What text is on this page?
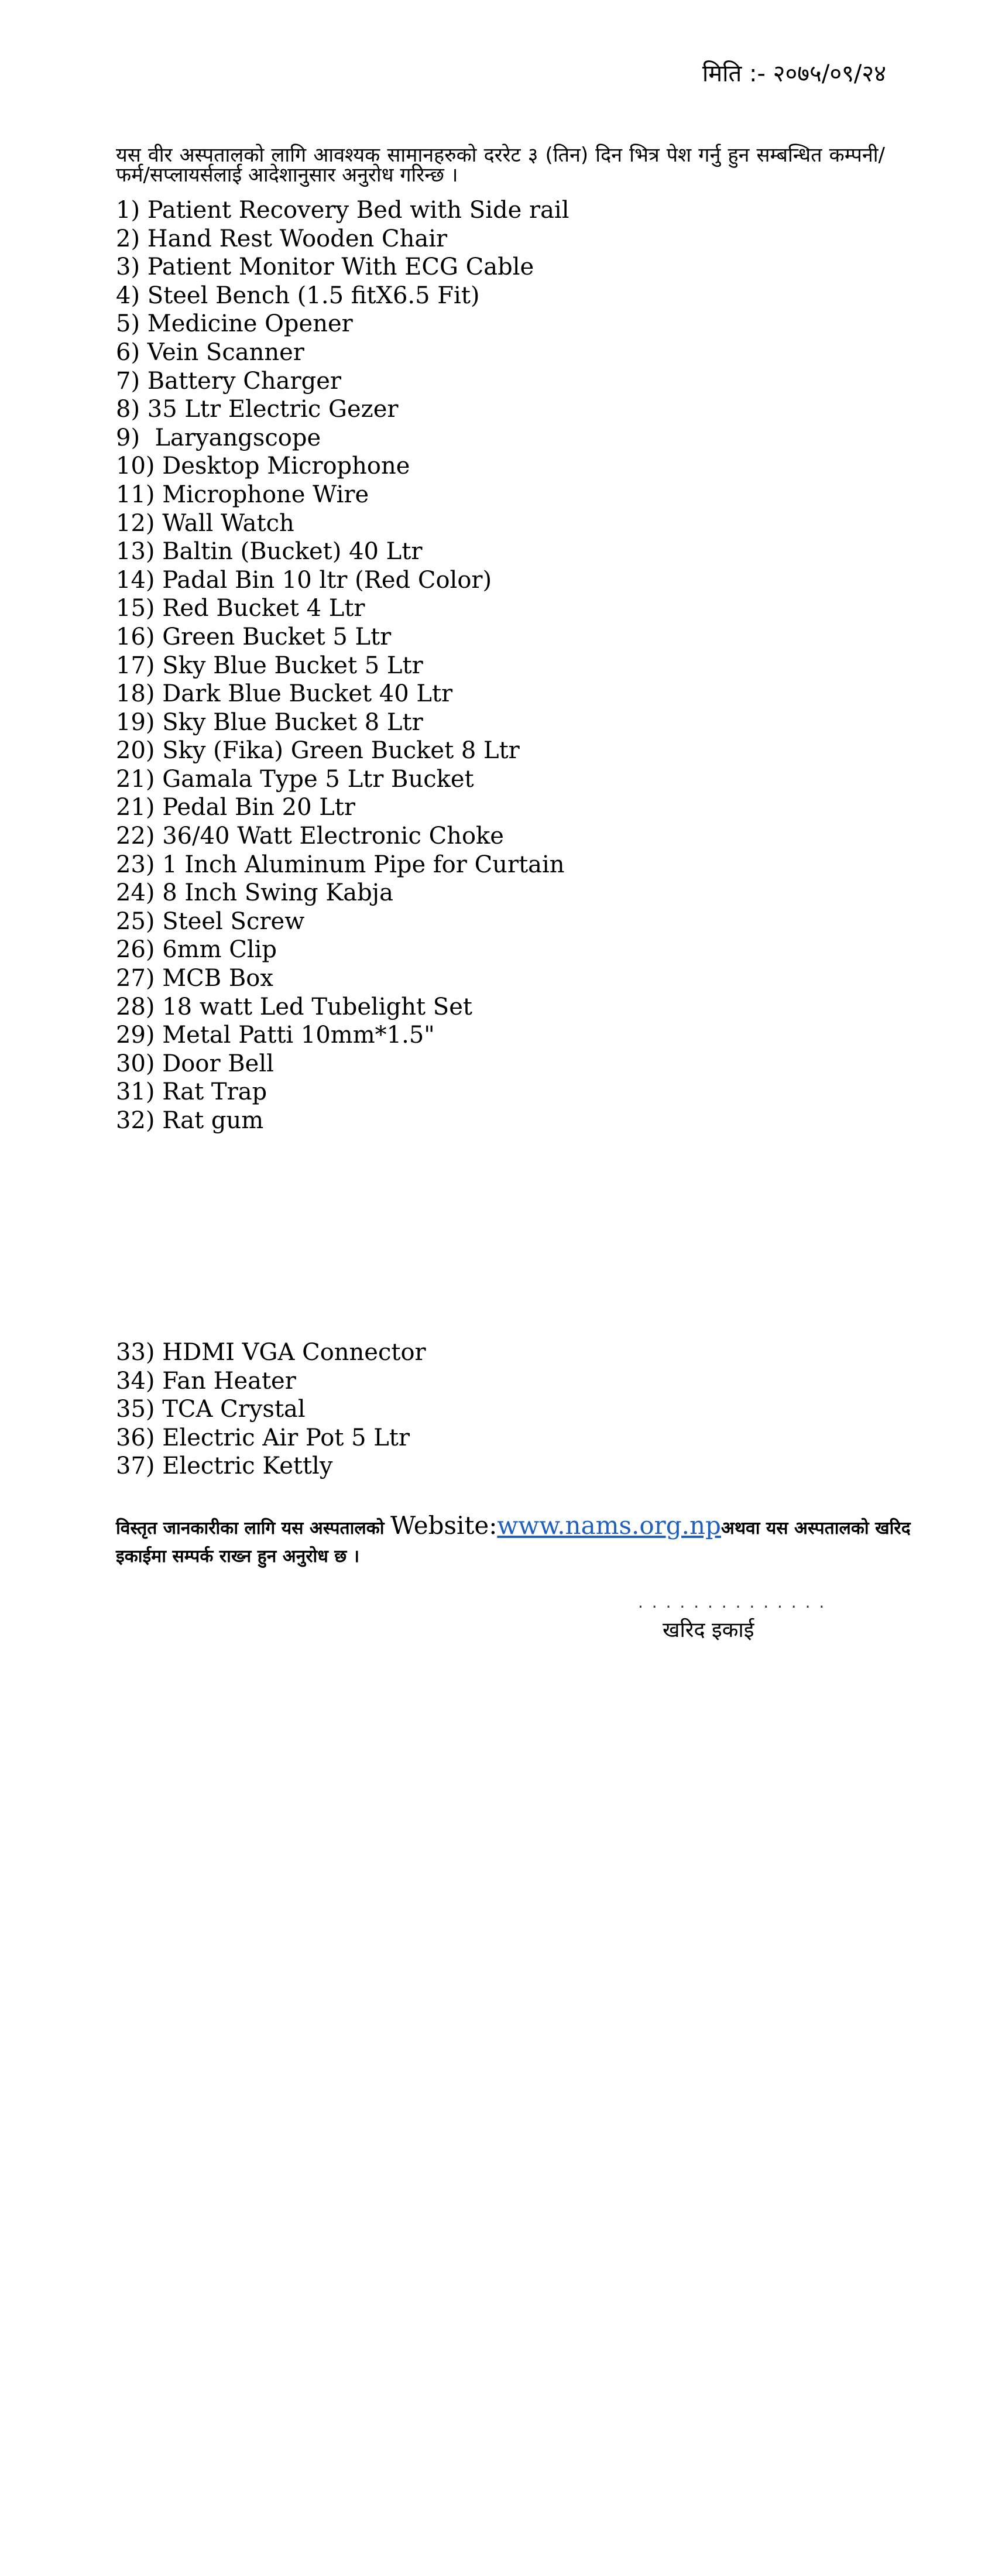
मिति :- २०७५/०९/२४
यस वीर अस्पतालको लागि आवश्यक सामानहरुको दररेट ३ (तिन) दिन भित्र पेश गर्नु हुन सम्बन्धित कम्पनी/फर्म/सप्लायर्सलाई आदेशानुसार अनुरोध गरिन्छ ।
1) Patient Recovery Bed with Side rail
2) Hand Rest Wooden Chair
3) Patient Monitor With ECG Cable
4) Steel Bench (1.5 fitX6.5 Fit)
5) Medicine Opener
6) Vein Scanner
7) Battery Charger
8) 35 Ltr Electric Gezer
9)  Laryangscope
10) Desktop Microphone
11) Microphone Wire
12) Wall Watch
13) Baltin (Bucket) 40 Ltr
14) Padal Bin 10 ltr (Red Color)
15) Red Bucket 4 Ltr
16) Green Bucket 5 Ltr
17) Sky Blue Bucket 5 Ltr
18) Dark Blue Bucket 40 Ltr
19) Sky Blue Bucket 8 Ltr
20) Sky (Fika) Green Bucket 8 Ltr
21) Gamala Type 5 Ltr Bucket
21) Pedal Bin 20 Ltr
22) 36/40 Watt Electronic Choke
23) 1 Inch Aluminum Pipe for Curtain
24) 8 Inch Swing Kabja
25) Steel Screw
26) 6mm Clip
27) MCB Box
28) 18 watt Led Tubelight Set
29) Metal Patti 10mm*1.5"
30) Door Bell
31) Rat Trap
32) Rat gum
33) HDMI VGA Connector
34) Fan Heater
35) TCA Crystal
36) Electric Air Pot 5 Ltr
37) Electric Kettly
विस्तृत जानकारीका लागि यस अस्पतालको Website:www.nams.org.npअथवा यस अस्पतालको खरिद इकाईमा सम्पर्क राख्न हुन अनुरोध छ ।
. . . . . . . . . . . . . .
खरिद इकाई
